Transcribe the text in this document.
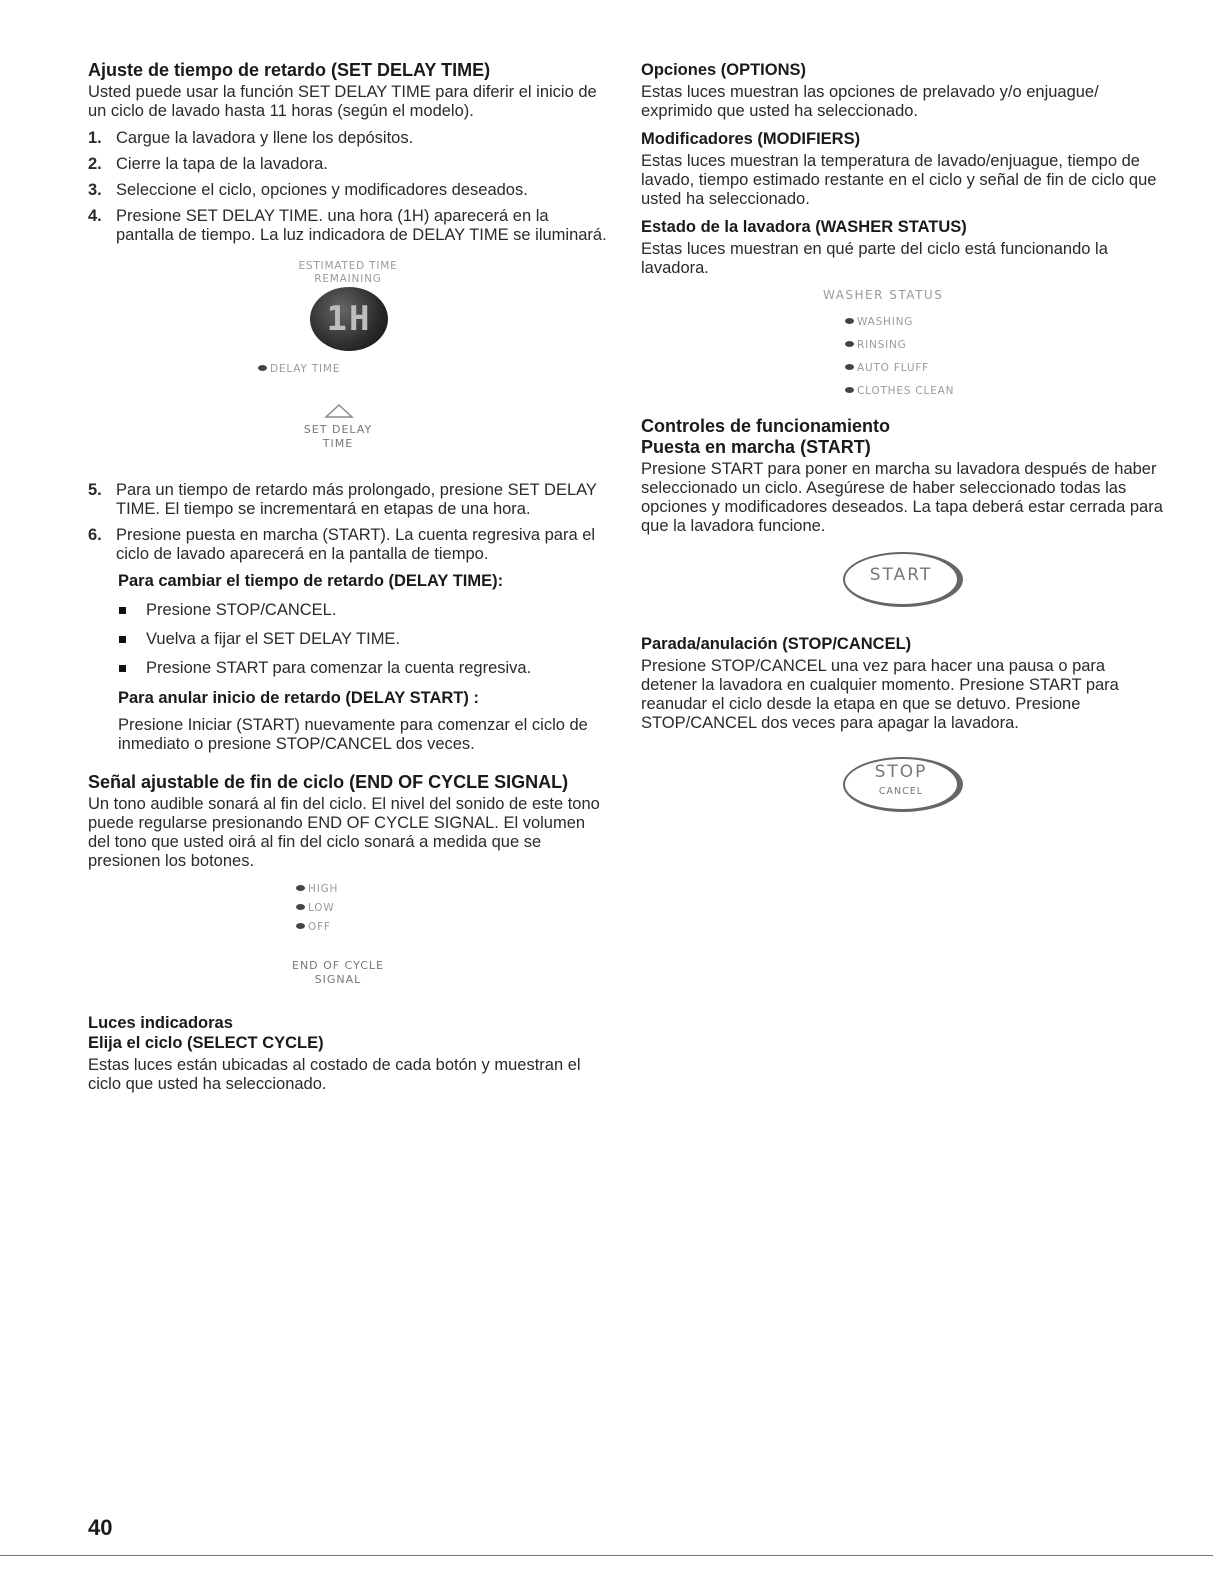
Ajuste de tiempo de retardo (SET DELAY TIME)

Usted puede usar la función SET DELAY TIME para diferir el inicio de un ciclo de lavado hasta 11 horas (según el modelo).

1. Cargue la lavadora y llene los depósitos.
2. Cierre la tapa de la lavadora.
3. Seleccione el ciclo, opciones y modificadores deseados.
4. Presione SET DELAY TIME. una hora (1H) aparecerá en la pantalla de tiempo. La luz indicadora de DELAY TIME se iluminará.
ESTIMATED TIME
REMAINING
1H
DELAY TIME
SET DELAY
TIME
5. Para un tiempo de retardo más prolongado, presione SET DELAY TIME. El tiempo se incrementará en etapas de una hora.
6. Presione puesta en marcha (START). La cuenta regresiva para el ciclo de lavado aparecerá en la pantalla de tiempo.
Para cambiar el tiempo de retardo (DELAY TIME):
Presione STOP/CANCEL.
Vuelva a fijar el SET DELAY TIME.
Presione START para comenzar la cuenta regresiva.
Para anular inicio de retardo (DELAY START) :

Presione Iniciar (START) nuevamente para comenzar el ciclo de inmediato o presione STOP/CANCEL dos veces.

Señal ajustable de fin de ciclo (END OF CYCLE SIGNAL)

Un tono audible sonará al fin del ciclo. El nivel del sonido de este tono puede regularse presionando END OF CYCLE SIGNAL. El volumen del tono que usted oirá al fin del ciclo sonará a medida que se presionen los botones.

HIGH
LOW
OFF
END OF CYCLE
SIGNAL
Luces indicadoras
Elija el ciclo (SELECT CYCLE)

Estas luces están ubicadas al costado de cada botón y muestran el ciclo que usted ha seleccionado.

Opciones (OPTIONS)

Estas luces muestran las opciones de prelavado y/o enjuague/ exprimido que usted ha seleccionado.

Modificadores (MODIFIERS)

Estas luces muestran la temperatura de lavado/enjuague, tiempo de lavado, tiempo estimado restante en el ciclo y señal de fin de ciclo que usted ha seleccionado.

Estado de la lavadora (WASHER STATUS)

Estas luces muestran en qué parte del ciclo está funcionando la lavadora.

WASHER STATUS
WASHING
RINSING
AUTO FLUFF
CLOTHES CLEAN
Controles de funcionamiento
Puesta en marcha (START)

Presione START para poner en marcha su lavadora después de haber seleccionado un ciclo. Asegúrese de haber seleccionado todas las opciones y modificadores deseados. La tapa deberá estar cerrada para que la lavadora funcione.

START
Parada/anulación (STOP/CANCEL)

Presione STOP/CANCEL una vez para hacer una pausa o para detener la lavadora en cualquier momento. Presione START para reanudar el ciclo desde la etapa en que se detuvo. Presione STOP/CANCEL dos veces para apagar la lavadora.

STOP
CANCEL
40
